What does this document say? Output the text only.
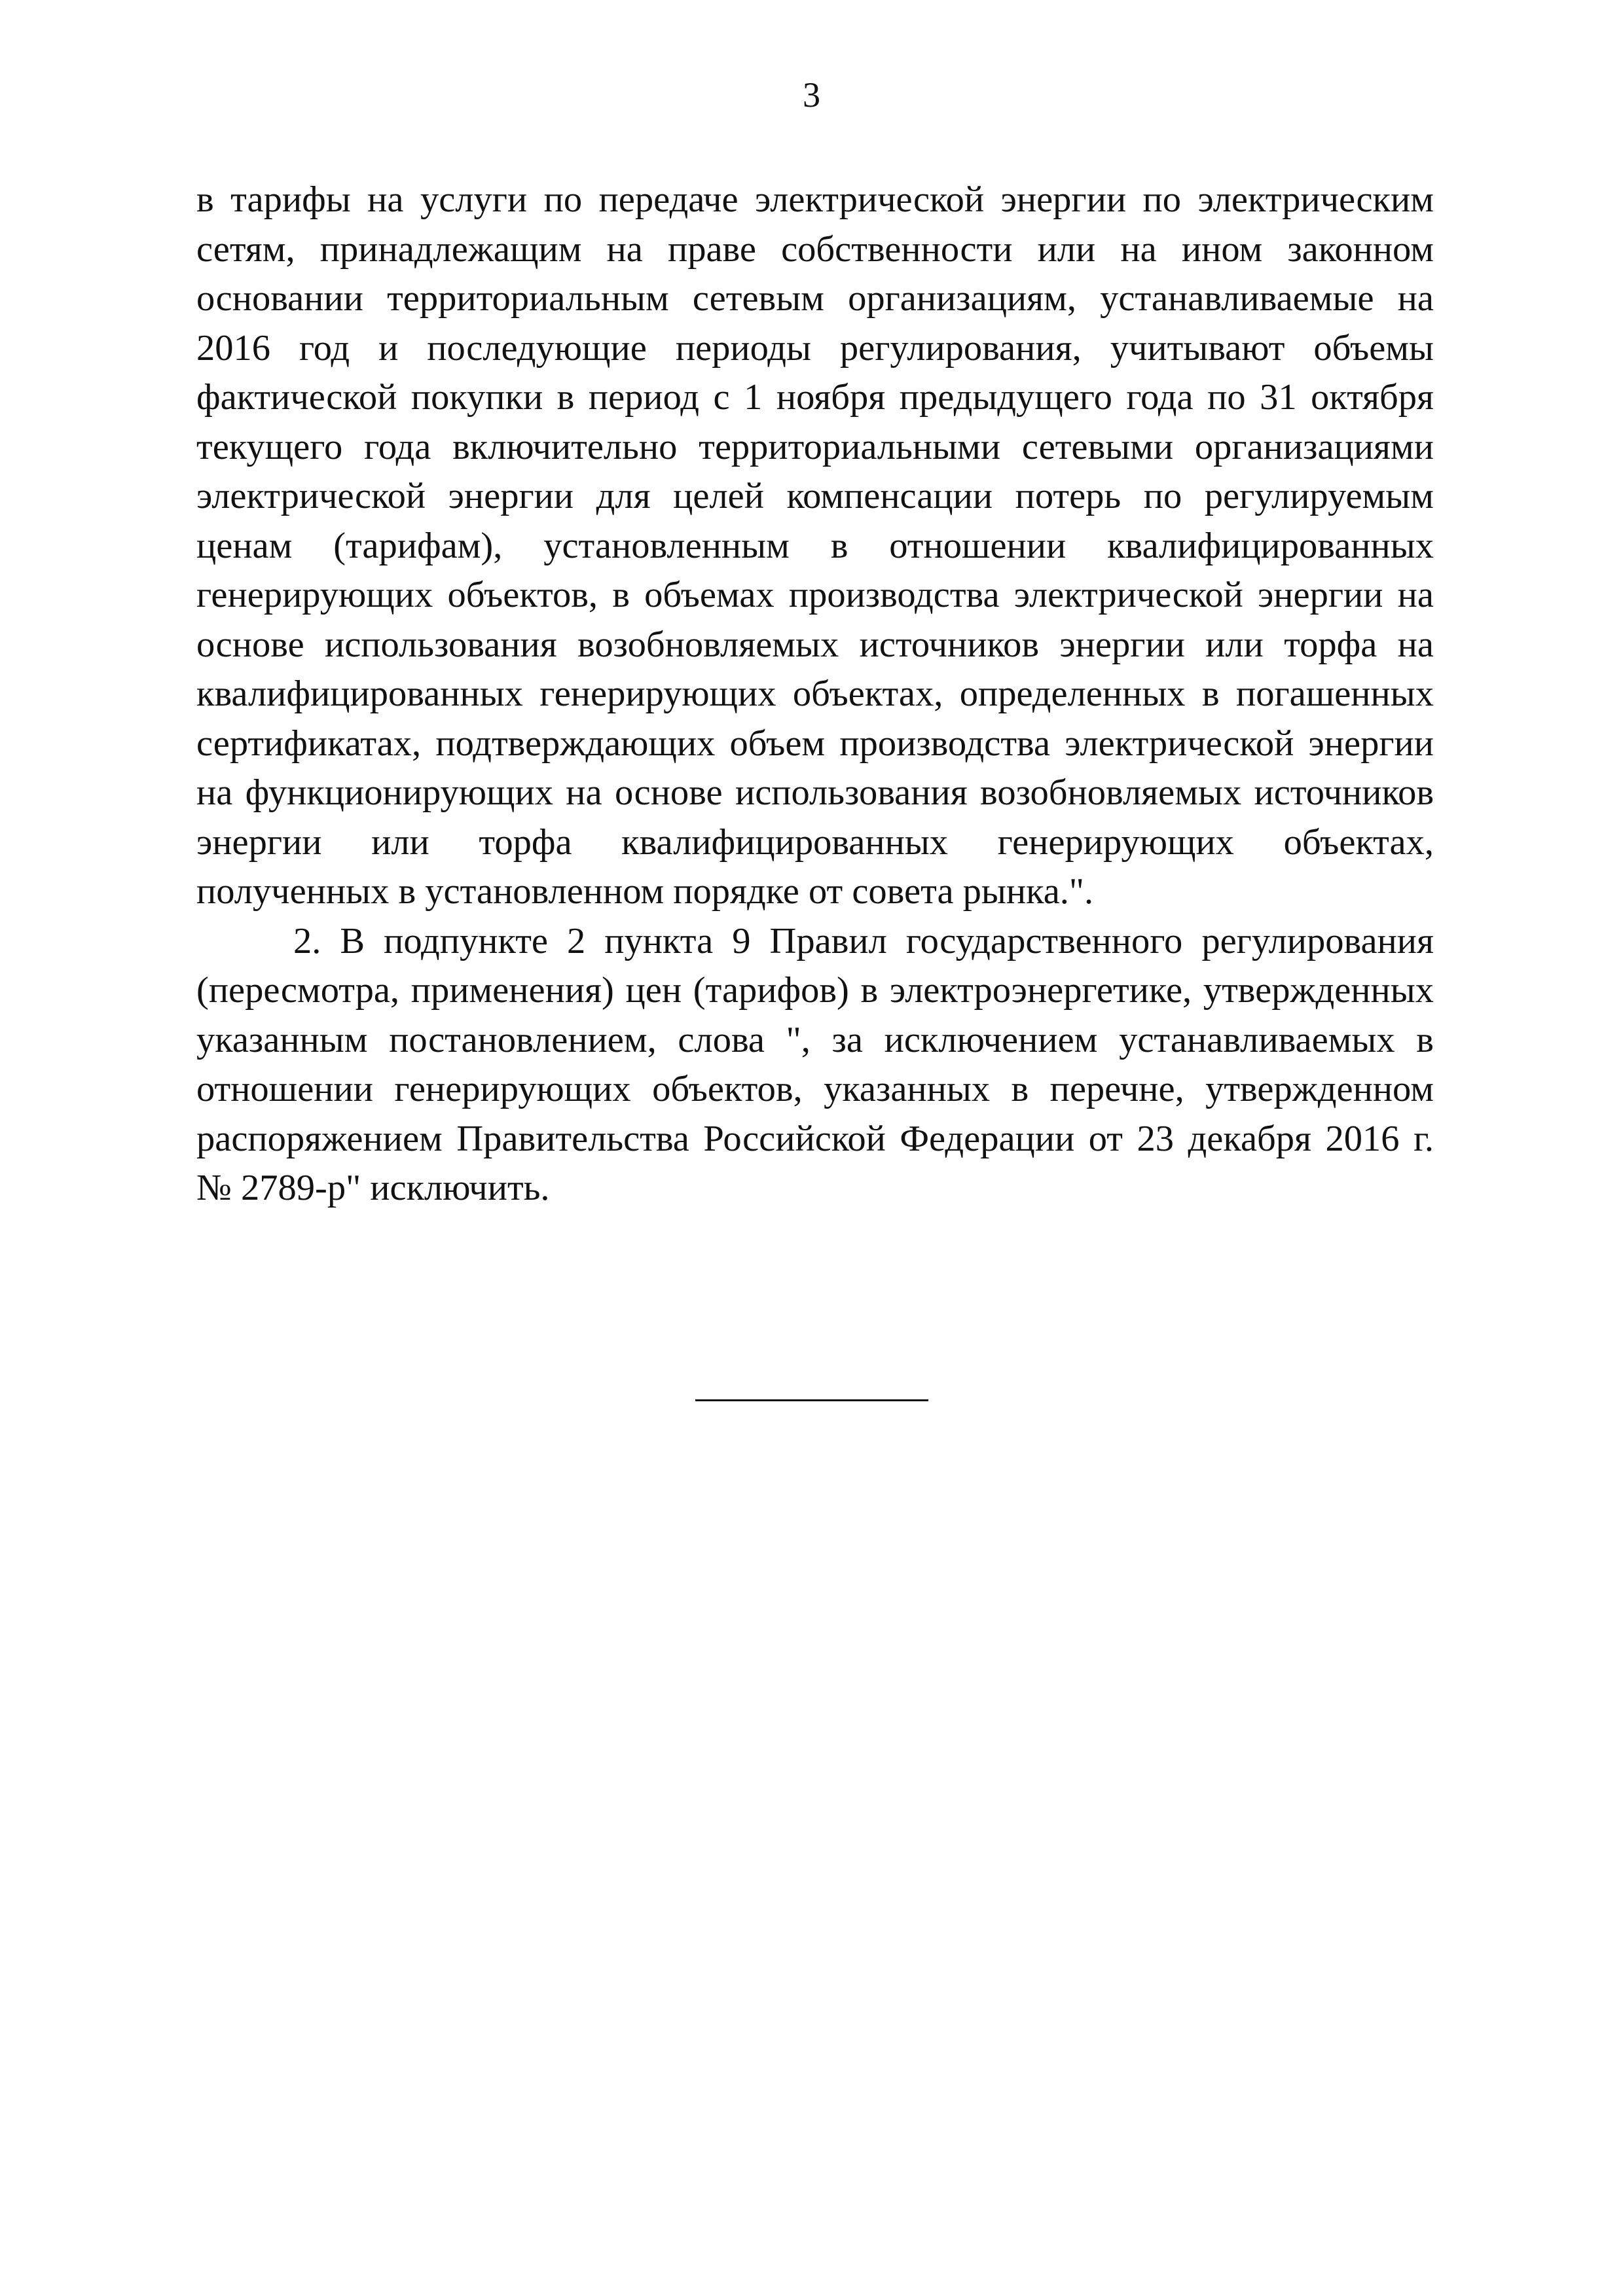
3

в тарифы на услуги по передаче электрической энергии по электрическим сетям, принадлежащим на праве собственности или на ином законном основании территориальным сетевым организациям, устанавливаемые на 2016 год и последующие периоды регулирования, учитывают объемы фактической покупки в период с 1 ноября предыдущего года по 31 октября текущего года включительно территориальными сетевыми организациями электрической энергии для целей компенсации потерь по регулируемым ценам (тарифам), установленным в отношении квалифицированных генерирующих объектов, в объемах производства электрической энергии на основе использования возобновляемых источников энергии или торфа на квалифицированных генерирующих объектах, определенных в погашенных сертификатах, подтверждающих объем производства электрической энергии на функционирующих на основе использования возобновляемых источников энергии или торфа квалифицированных генерирующих объектах, полученных в установленном порядке от совета рынка.".

2. В подпункте 2 пункта 9 Правил государственного регулирования (пересмотра, применения) цен (тарифов) в электроэнергетике, утвержденных указанным постановлением, слова ", за исключением устанавливаемых в отношении генерирующих объектов, указанных в перечне, утвержденном распоряжением Правительства Российской Федерации от 23 декабря 2016 г. № 2789-р" исключить.
